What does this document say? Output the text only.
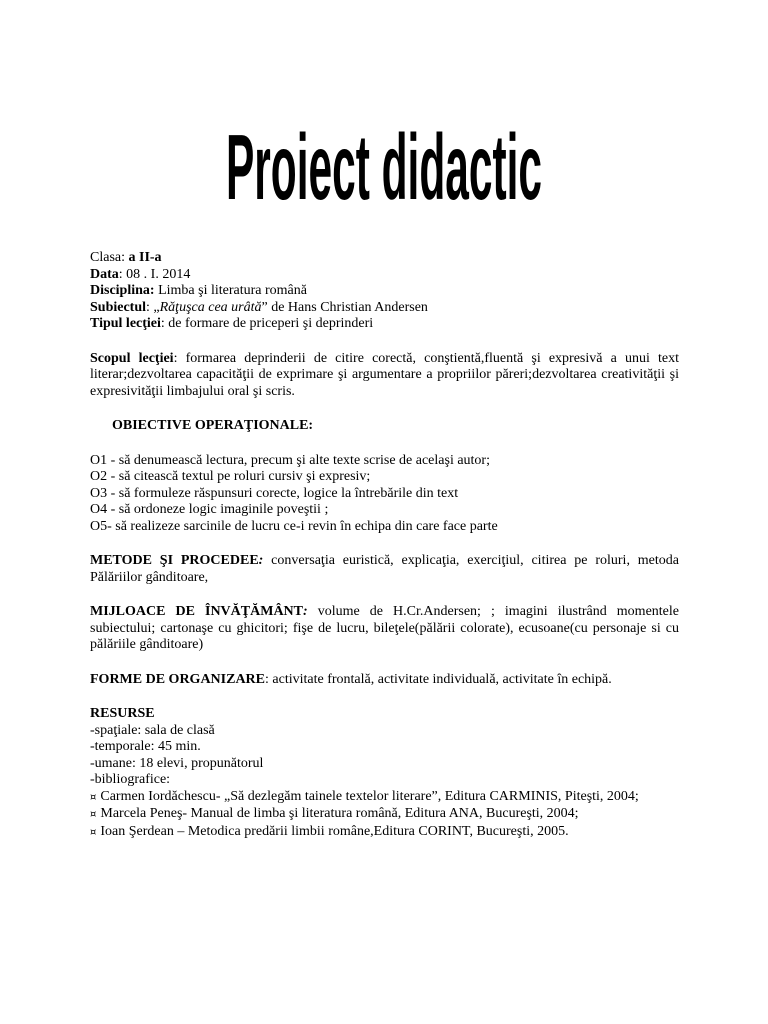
Proiect didactic
Clasa: a II-a
Data: 08 . I. 2014
Disciplina: Limba şi literatura română
Subiectul: „Răţuşca cea urâtă” de Hans Christian Andersen
Tipul lecţiei: de formare de priceperi şi deprinderi
Scopul lecţiei: formarea deprinderii de citire corectă, conştientă,fluentă şi expresivă a unui text literar;dezvoltarea capacităţii de exprimare şi argumentare a propriilor păreri;dezvoltarea creativităţii şi expresivităţii limbajului oral şi scris.
OBIECTIVE OPERAŢIONALE:
O1 - să denumească lectura, precum şi alte texte scrise de acelaşi autor;
O2 - să citească textul pe roluri cursiv şi expresiv;
O3 - să formuleze răspunsuri corecte, logice la întrebările din text
O4 - să ordoneze logic imaginile poveştii ;
O5- să realizeze sarcinile de lucru ce-i revin în echipa din care face parte
METODE ŞI PROCEDEE: conversaţia euristică, explicaţia, exerciţiul, citirea pe roluri, metoda Pălăriilor gânditoare,
MIJLOACE DE ÎNVĂŢĂMÂNT: volume de H.Cr.Andersen; ; imagini ilustrând momentele subiectului; cartonaşe cu ghicitori; fişe de lucru, bileţele(pălării colorate), ecusoane(cu personaje si cu pălăriile gânditoare)
FORME DE ORGANIZARE: activitate frontală, activitate individuală, activitate în echipă.
RESURSE
-spaţiale: sala de clasă
-temporale: 45 min.
-umane: 18 elevi, propunătorul
-bibliografice:
¤ Carmen Iordăchescu- „Să dezlegăm tainele textelor literare”, Editura CARMINIS, Piteşti, 2004;
¤ Marcela Peneş- Manual de limba şi literatura română, Editura ANA, Bucureşti, 2004;
¤ Ioan Şerdean – Metodica predării limbii române,Editura CORINT, Bucureşti, 2005.
